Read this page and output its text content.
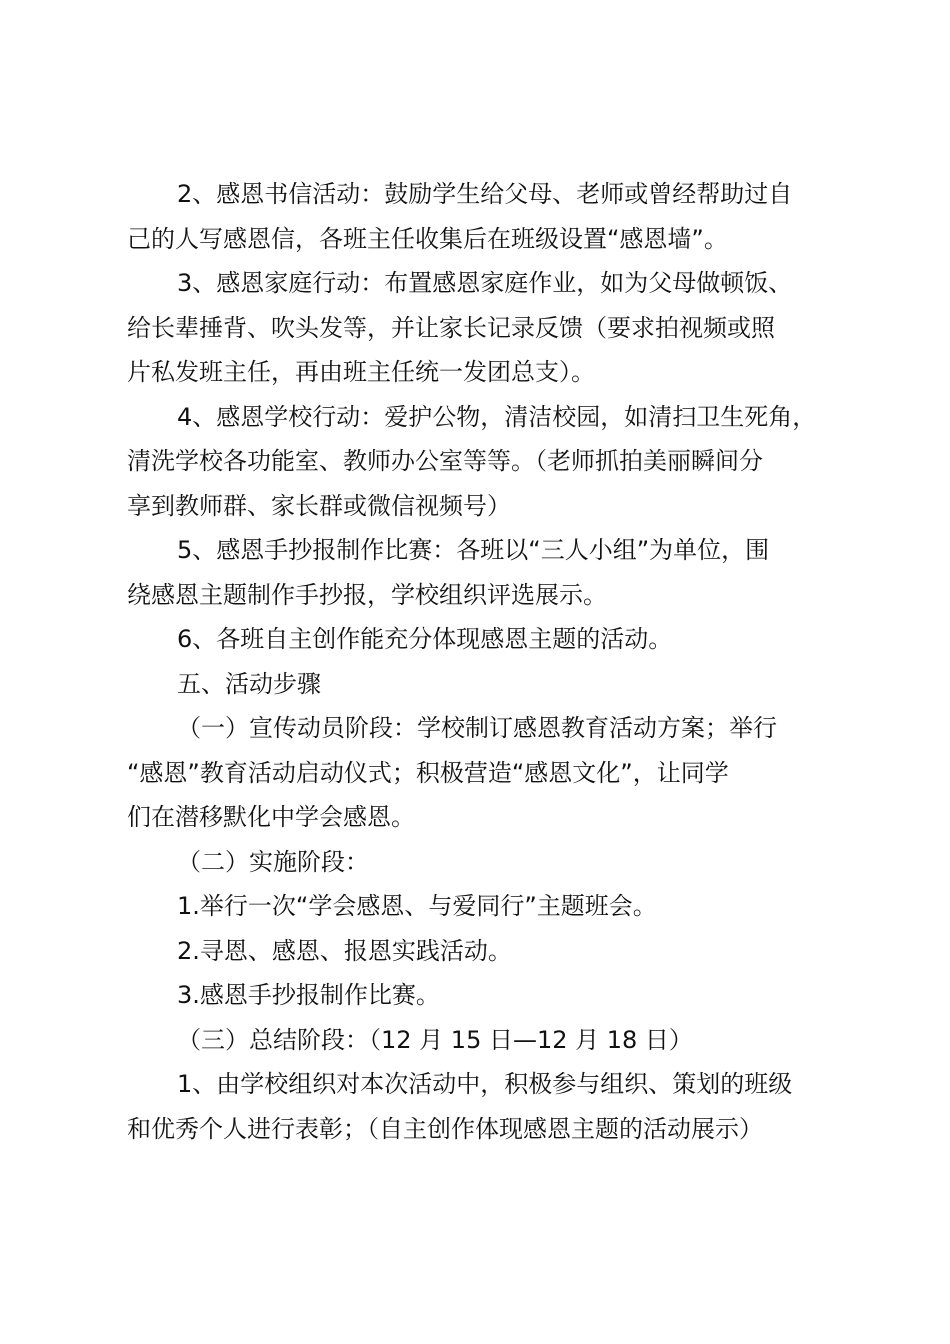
2、感恩书信活动：鼓励学生给父母、老师或曾经帮助过自
己的人写感恩信，各班主任收集后在班级设置“感恩墙”。

3、感恩家庭行动：布置感恩家庭作业，如为父母做顿饭、
给长辈捶背、吹头发等，并让家长记录反馈（要求拍视频或照
片私发班主任，再由班主任统一发团总支）。

4、感恩学校行动：爱护公物，清洁校园，如清扫卫生死角，
清洗学校各功能室、教师办公室等等。（老师抓拍美丽瞬间分
享到教师群、家长群或微信视频号）

5、感恩手抄报制作比赛：各班以“三人小组”为单位，围
绕感恩主题制作手抄报，学校组织评选展示。

6、各班自主创作能充分体现感恩主题的活动。

五、活动步骤

（一）宣传动员阶段：学校制订感恩教育活动方案；举行
“感恩”教育活动启动仪式；积极营造“感恩文化”，让同学
们在潜移默化中学会感恩。

（二）实施阶段：

1.举行一次“学会感恩、与爱同行”主题班会。

2.寻恩、感恩、报恩实践活动。

3.感恩手抄报制作比赛。

（三）总结阶段：（12 月 15 日—12 月 18 日）

1、由学校组织对本次活动中，积极参与组织、策划的班级
和优秀个人进行表彰；（自主创作体现感恩主题的活动展示）
